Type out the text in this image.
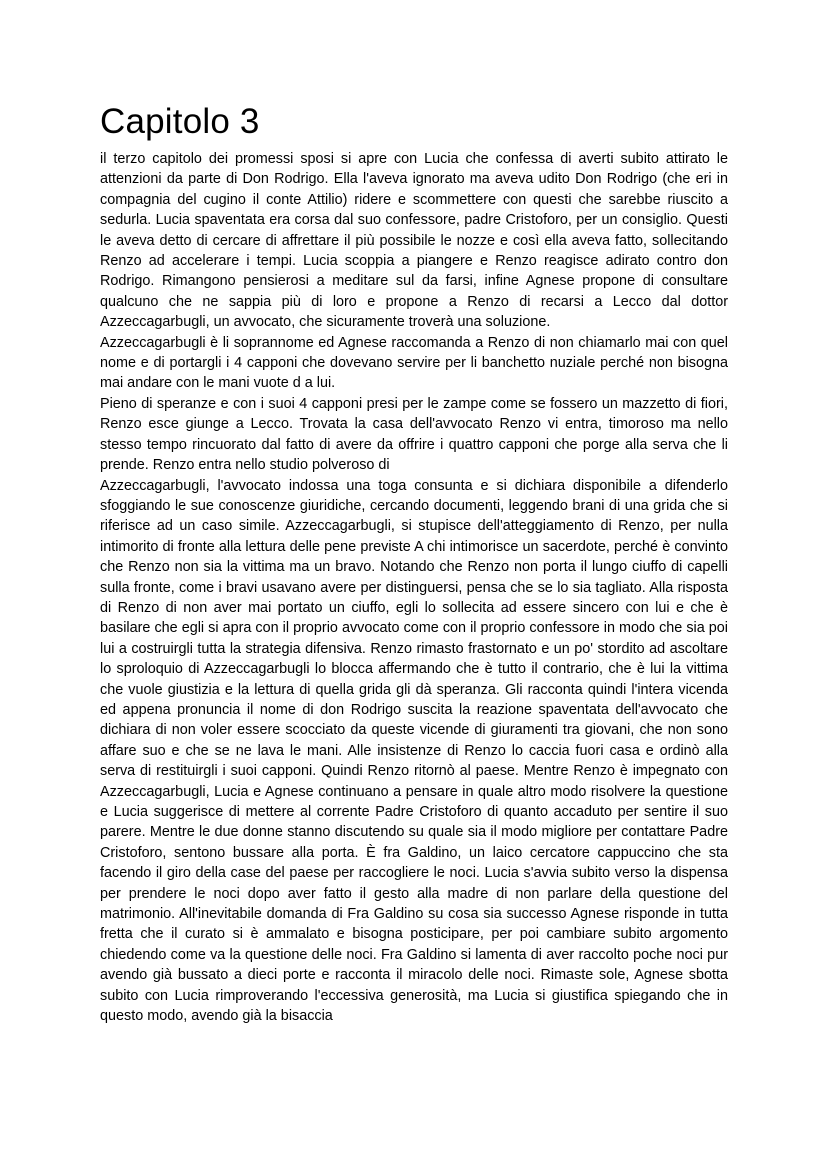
Capitolo 3

il terzo capitolo dei promessi sposi si apre con Lucia che confessa di averti subito attirato le attenzioni da parte di Don Rodrigo. Ella l'aveva ignorato ma aveva udito Don Rodrigo (che eri in compagnia del cugino il conte Attilio) ridere e scommettere con questi che sarebbe riuscito a sedurla. Lucia spaventata era corsa dal suo confessore, padre Cristoforo, per un consiglio. Questi le aveva detto di cercare di affrettare il più possibile le nozze e così ella aveva fatto, sollecitando Renzo ad accelerare i tempi. Lucia scoppia a piangere e Renzo reagisce adirato contro don Rodrigo. Rimangono pensierosi a meditare sul da farsi, infine Agnese propone di consultare qualcuno che ne sappia più di loro e propone a Renzo di recarsi a Lecco dal dottor Azzeccagarbugli, un avvocato, che sicuramente troverà una soluzione.

Azzeccagarbugli è li soprannome ed Agnese raccomanda a Renzo di non chiamarlo mai con quel nome e di portargli i 4 capponi che dovevano servire per li banchetto nuziale perché non bisogna mai andare con le mani vuote d a lui.

Pieno di speranze e con i suoi 4 capponi presi per le zampe come se fossero un mazzetto di fiori, Renzo esce giunge a Lecco. Trovata la casa dell'avvocato Renzo vi entra, timoroso ma nello stesso tempo rincuorato dal fatto di avere da offrire i quattro capponi che porge alla serva che li prende. Renzo entra nello studio polveroso di

Azzeccagarbugli, l'avvocato indossa una toga consunta e si dichiara disponibile a difenderlo sfoggiando le sue conoscenze giuridiche, cercando documenti, leggendo brani di una grida che si riferisce ad un caso simile. Azzeccagarbugli, si stupisce dell'atteggiamento di Renzo, per nulla intimorito di fronte alla lettura delle pene previste A chi intimorisce un sacerdote, perché è convinto che Renzo non sia la vittima ma un bravo. Notando che Renzo non porta il lungo ciuffo di capelli sulla fronte, come i bravi usavano avere per distinguersi, pensa che se lo sia tagliato. Alla risposta di Renzo di non aver mai portato un ciuffo, egli lo sollecita ad essere sincero con lui e che è basilare che egli si apra con il proprio avvocato come con il proprio confessore in modo che sia poi lui a costruirgli tutta la strategia difensiva. Renzo rimasto frastornato e un po' stordito ad ascoltare lo sproloquio di Azzeccagarbugli lo blocca affermando che è tutto il contrario, che è lui la vittima che vuole giustizia e la lettura di quella grida gli dà speranza. Gli racconta quindi l'intera vicenda ed appena pronuncia il nome di don Rodrigo suscita la reazione spaventata dell'avvocato che dichiara di non voler essere scocciato da queste vicende di giuramenti tra giovani, che non sono affare suo e che se ne lava le mani. Alle insistenze di Renzo lo caccia fuori casa e ordinò alla serva di restituirgli i suoi capponi. Quindi Renzo ritornò al paese. Mentre Renzo è impegnato con Azzeccagarbugli, Lucia e Agnese continuano a pensare in quale altro modo risolvere la questione e Lucia suggerisce di mettere al corrente Padre Cristoforo di quanto accaduto per sentire il suo parere. Mentre le due donne stanno discutendo su quale sia il modo migliore per contattare Padre Cristoforo, sentono bussare alla porta. È fra Galdino, un laico cercatore cappuccino che sta facendo il giro della case del paese per raccogliere le noci. Lucia s'avvia subito verso la dispensa per prendere le noci dopo aver fatto il gesto alla madre di non parlare della questione del matrimonio. All'inevitabile domanda di Fra Galdino su cosa sia successo Agnese risponde in tutta fretta che il curato si è ammalato e bisogna posticipare, per poi cambiare subito argomento chiedendo come va la questione delle noci. Fra Galdino si lamenta di aver raccolto poche noci pur avendo già bussato a dieci porte e racconta il miracolo delle noci. Rimaste sole, Agnese sbotta subito con Lucia rimproverando l'eccessiva generosità, ma Lucia si giustifica spiegando che in questo modo, avendo già la bisaccia
